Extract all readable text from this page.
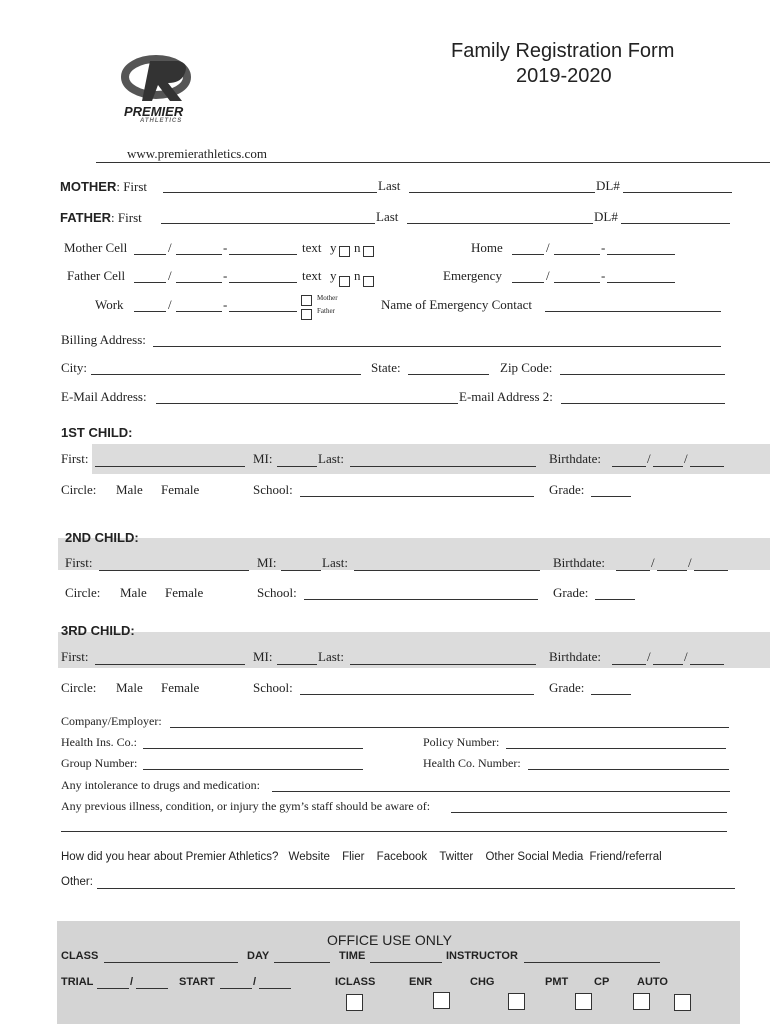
PREMIER
ATHLETICS
Family Registration Form
2019-2020
www.premierathletics.com
MOTHER: First	Last	DL#
FATHER: First	Last	DL#
Mother Cell	/	-	text y n	Home	/	-
Father Cell	/	-	text y n	Emergency	/	-
Work	/	-	Mother
Father	Name of Emergency Contact
Billing Address:
City:	State:	Zip Code:
E-Mail Address:	E-mail Address 2:
1ST CHILD:
First:	MI:	Last:	Birthdate:	/	/
Circle: Male Female	School:	Grade:
2ND CHILD:
First:	MI:	Last:	Birthdate:	/	/
Circle: Male Female	School:	Grade:
3RD CHILD:
First:	MI:	Last:	Birthdate:	/	/
Circle: Male Female	School:	Grade:
Company/Employer:
Health Ins. Co.:	Policy Number:
Group Number:	Health Co. Number:
Any intolerance to drugs and medication:
Any previous illness, condition, or injury the gym’s staff should be aware of:
How did you hear about Premier Athletics? Website Flier Facebook Twitter Other Social Media Friend/referral
Other:
OFFICE USE ONLY
CLASS	DAY	TIME	INSTRUCTOR
TRIAL	/	START	/	ICLASS	ENR	CHG	PMT CP	AUTO
